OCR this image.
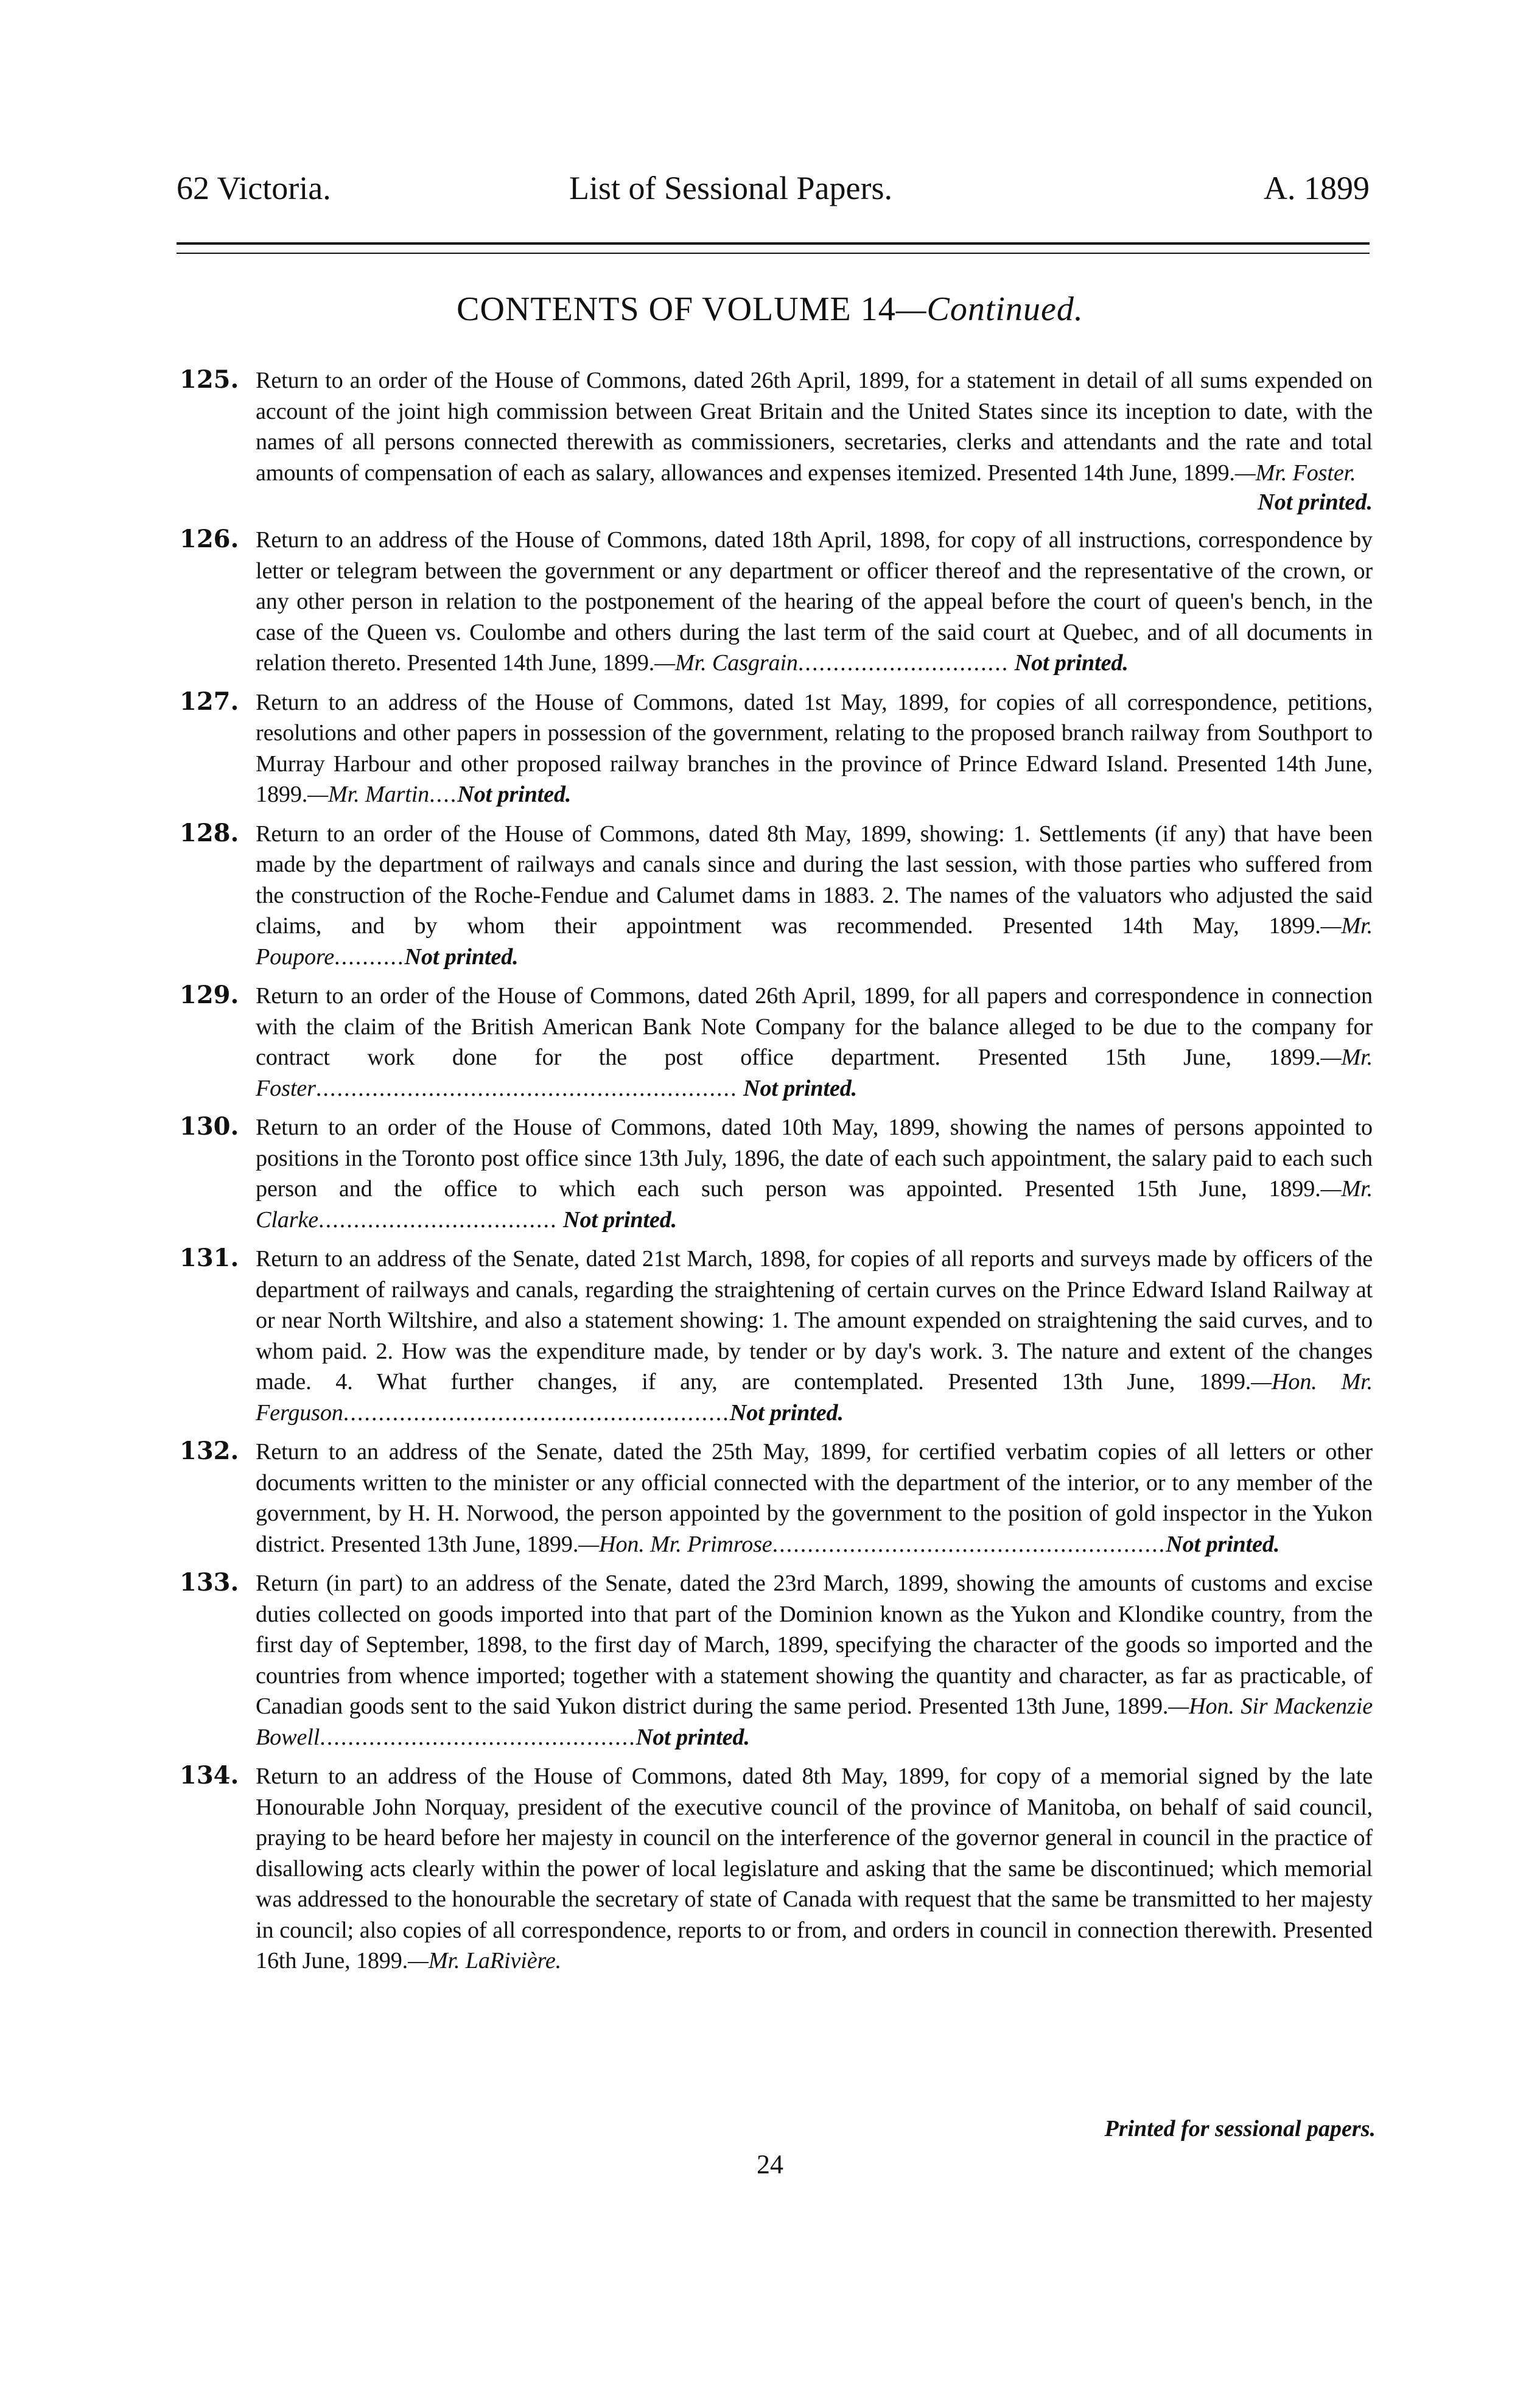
62 Victoria.	List of Sessional Papers.	A. 1899
CONTENTS OF VOLUME 14—Continued.
125. Return to an order of the House of Commons, dated 26th April, 1899, for a statement in detail of all sums expended on account of the joint high commission between Great Britain and the United States since its inception to date, with the names of all persons connected therewith as commissioners, secretaries, clerks and attendants and the rate and total amounts of compensation of each as salary, allowances and expenses itemized. Presented 14th June, 1899.—Mr. Foster.
Not printed.
126. Return to an address of the House of Commons, dated 18th April, 1898, for copy of all instructions, correspondence by letter or telegram between the government or any department or officer thereof and the representative of the crown, or any other person in relation to the postponement of the hearing of the appeal before the court of queen's bench, in the case of the Queen vs. Coulombe and others during the last term of the said court at Quebec, and of all documents in relation thereto. Presented 14th June, 1899.—Mr. Casgrain.............................. Not printed.
127. Return to an address of the House of Commons, dated 1st May, 1899, for copies of all correspondence, petitions, resolutions and other papers in possession of the government, relating to the proposed branch railway from Southport to Murray Harbour and other proposed railway branches in the province of Prince Edward Island. Presented 14th June, 1899.—Mr. Martin....Not printed.
128. Return to an order of the House of Commons, dated 8th May, 1899, showing: 1. Settlements (if any) that have been made by the department of railways and canals since and during the last session, with those parties who suffered from the construction of the Roche-Fendue and Calumet dams in 1883. 2. The names of the valuators who adjusted the said claims, and by whom their appointment was recommended. Presented 14th May, 1899.—Mr. Poupore..........Not printed.
129. Return to an order of the House of Commons, dated 26th April, 1899, for all papers and correspondence in connection with the claim of the British American Bank Note Company for the balance alleged to be due to the company for contract work done for the post office department. Presented 15th June, 1899.—Mr. Foster............................................................ Not printed.
130. Return to an order of the House of Commons, dated 10th May, 1899, showing the names of persons appointed to positions in the Toronto post office since 13th July, 1896, the date of each such appointment, the salary paid to each such person and the office to which each such person was appointed. Presented 15th June, 1899.—Mr. Clarke.................................. Not printed.
131. Return to an address of the Senate, dated 21st March, 1898, for copies of all reports and surveys made by officers of the department of railways and canals, regarding the straightening of certain curves on the Prince Edward Island Railway at or near North Wiltshire, and also a statement showing: 1. The amount expended on straightening the said curves, and to whom paid. 2. How was the expenditure made, by tender or by day's work. 3. The nature and extent of the changes made. 4. What further changes, if any, are contemplated. Presented 13th June, 1899.—Hon. Mr. Ferguson.......................................................Not printed.
132. Return to an address of the Senate, dated the 25th May, 1899, for certified verbatim copies of all letters or other documents written to the minister or any official connected with the department of the interior, or to any member of the government, by H. H. Norwood, the person appointed by the government to the position of gold inspector in the Yukon district. Presented 13th June, 1899.—Hon. Mr. Primrose........................................................Not printed.
133. Return (in part) to an address of the Senate, dated the 23rd March, 1899, showing the amounts of customs and excise duties collected on goods imported into that part of the Dominion known as the Yukon and Klondike country, from the first day of September, 1898, to the first day of March, 1899, specifying the character of the goods so imported and the countries from whence imported; together with a statement showing the quantity and character, as far as practicable, of Canadian goods sent to the said Yukon district during the same period. Presented 13th June, 1899.—Hon. Sir Mackenzie Bowell.............................................Not printed.
134. Return to an address of the House of Commons, dated 8th May, 1899, for copy of a memorial signed by the late Honourable John Norquay, president of the executive council of the province of Manitoba, on behalf of said council, praying to be heard before her majesty in council on the interference of the governor general in council in the practice of disallowing acts clearly within the power of local legislature and asking that the same be discontinued; which memorial was addressed to the honourable the secretary of state of Canada with request that the same be transmitted to her majesty in council; also copies of all correspondence, reports to or from, and orders in council in connection therewith. Presented 16th June, 1899.—Mr. LaRivière.
Printed for sessional papers.
24
